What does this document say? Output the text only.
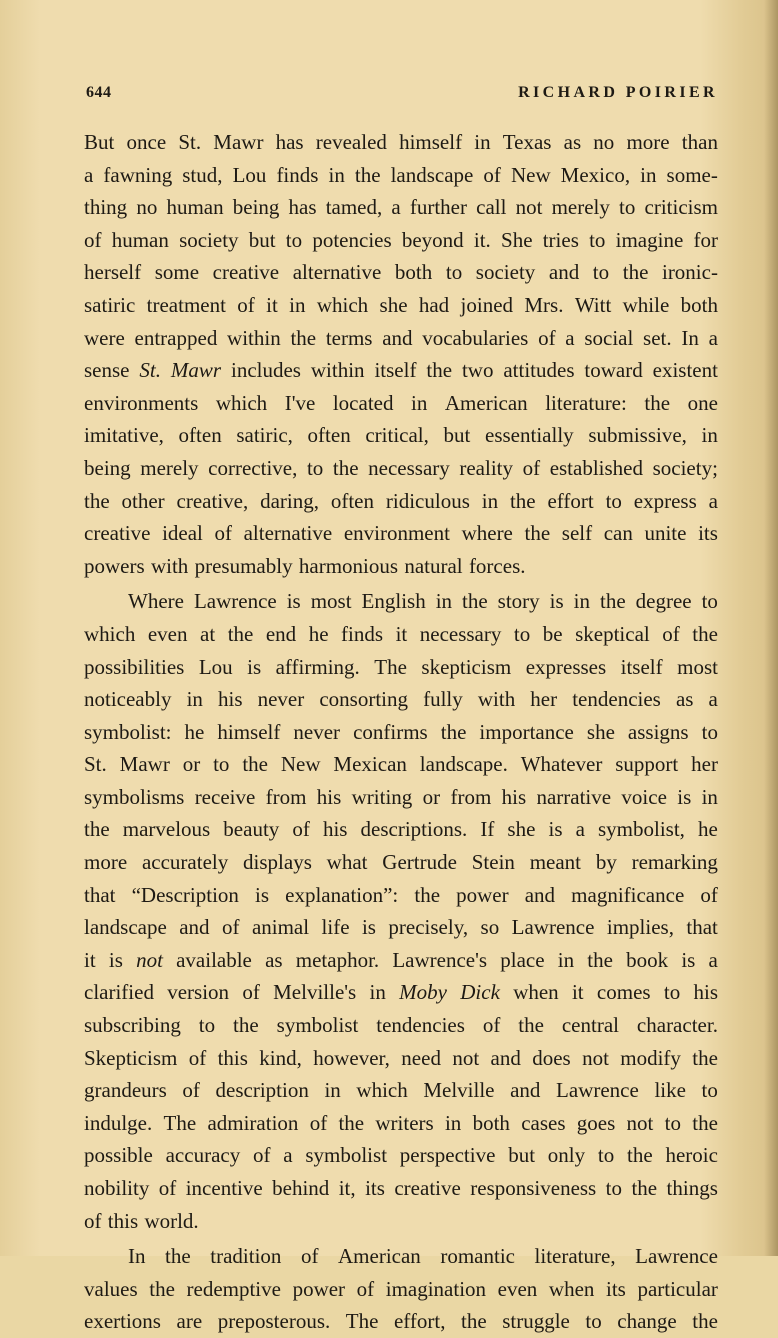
644	RICHARD POIRIER
But once St. Mawr has revealed himself in Texas as no more than
a fawning stud, Lou finds in the landscape of New Mexico, in some-
thing no human being has tamed, a further call not merely to criticism
of human society but to potencies beyond it. She tries to imagine for
herself some creative alternative both to society and to the ironic-
satiric treatment of it in which she had joined Mrs. Witt while both
were entrapped within the terms and vocabularies of a social set. In a
sense St. Mawr includes within itself the two attitudes toward existent
environments which I've located in American literature: the one
imitative, often satiric, often critical, but essentially submissive, in
being merely corrective, to the necessary reality of established society;
the other creative, daring, often ridiculous in the effort to express a
creative ideal of alternative environment where the self can unite its
powers with presumably harmonious natural forces.
Where Lawrence is most English in the story is in the degree to
which even at the end he finds it necessary to be skeptical of the
possibilities Lou is affirming. The skepticism expresses itself most
noticeably in his never consorting fully with her tendencies as a
symbolist: he himself never confirms the importance she assigns to
St. Mawr or to the New Mexican landscape. Whatever support her
symbolisms receive from his writing or from his narrative voice is in
the marvelous beauty of his descriptions. If she is a symbolist, he
more accurately displays what Gertrude Stein meant by remarking
that “Description is explanation”: the power and magnificance of
landscape and of animal life is precisely, so Lawrence implies, that
it is not available as metaphor. Lawrence's place in the book is a
clarified version of Melville's in Moby Dick when it comes to his
subscribing to the symbolist tendencies of the central character.
Skepticism of this kind, however, need not and does not modify the
grandeurs of description in which Melville and Lawrence like to
indulge. The admiration of the writers in both cases goes not to the
possible accuracy of a symbolist perspective but only to the heroic
nobility of incentive behind it, its creative responsiveness to the things
of this world.
In the tradition of American romantic literature, Lawrence
values the redemptive power of imagination even when its particular
exertions are preposterous. The effort, the struggle to change the
